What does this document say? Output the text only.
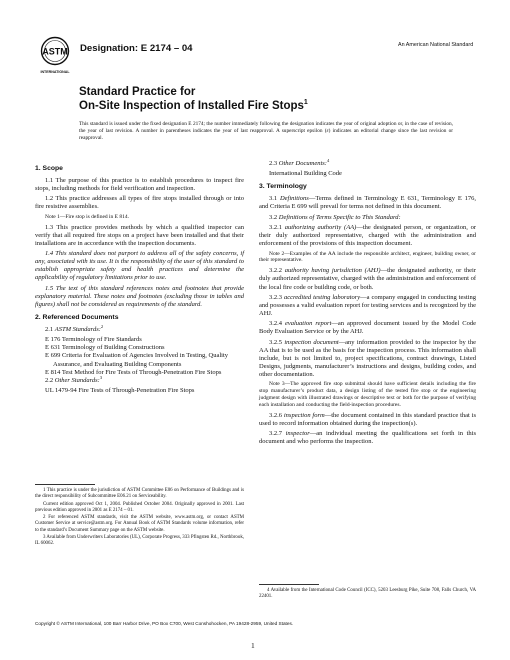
ASTM
INTERNATIONAL
Designation: E 2174 – 04	An American National Standard
Standard Practice for
On-Site Inspection of Installed Fire Stops$^1$
This standard is issued under the fixed designation E 2174; the number immediately following the designation indicates the year of original adoption or, in the case of revision, the year of last revision. A number in parentheses indicates the year of last reapproval. A superscript epsilon (ε) indicates an editorial change since the last revision or reapproval.
1. Scope

1.1 The purpose of this practice is to establish procedures to inspect fire stops, including methods for field verification and inspection.

1.2 This practice addresses all types of fire stops installed through or into fire resistive assemblies.

Note 1—Fire stop is defined in E 814.

1.3 This practice provides methods by which a qualified inspector can verify that all required fire stops on a project have been installed and that their installations are in accordance with the inspection documents.

1.4 This standard does not purport to address all of the safety concerns, if any, associated with its use. It is the responsibility of the user of this standard to establish appropriate safety and health practices and determine the applicability of regulatory limitations prior to use.

1.5 The text of this standard references notes and footnotes that provide explanatory material. These notes and footnotes (excluding those in tables and figures) shall not be considered as requirements of the standard.

2. Referenced Documents

2.1 ASTM Standards:$^2$

E 176 Terminology of Fire Standards

E 631 Terminology of Building Constructions

E 699 Criteria for Evaluation of Agencies Involved in Testing, Quality Assurance, and Evaluating Building Components

E 814 Test Method for Fire Tests of Through-Penetration Fire Stops

2.2 Other Standards:$^3$

UL 1479-94 Fire Tests of Through-Penetration Fire Stops

1 This practice is under the jurisdiction of ASTM Committee E06 on Performance of Buildings and is the direct responsibility of Subcommittee E06.21 on Serviceability.

Current edition approved Oct 1, 2004. Published October 2004. Originally approved in 2001. Last previous edition approved in 2001 as E 2174 – 01.

2 For referenced ASTM standards, visit the ASTM website, www.astm.org, or contact ASTM Customer Service at service@astm.org. For Annual Book of ASTM Standards volume information, refer to the standard’s Document Summary page on the ASTM website.

3 Available from Underwriters Laboratories (UL), Corporate Progress, 333 Pfingsten Rd., Northbrook, IL 60062.

2.3 Other Documents:$^4$

International Building Code

3. Terminology

3.1 Definitions—Terms defined in Terminology E 631, Terminology E 176, and Criteria E 699 will prevail for terms not defined in this document.

3.2 Definitions of Terms Specific to This Standard:

3.2.1 authorizing authority (AA)—the designated person, or organization, or their duly authorized representative, charged with the administration and enforcement of the provisions of this inspection document.

Note 2—Examples of the AA include the responsible architect, engineer, building owner, or their representative.

3.2.2 authority having jurisdiction (AHJ)—the designated authority, or their duly authorized representative, charged with the administration and enforcement of the local fire code or building code, or both.

3.2.3 accredited testing laboratory—a company engaged in conducting testing and possesses a valid evaluation report for testing services and is recognized by the AHJ.

3.2.4 evaluation report—an approved document issued by the Model Code Body Evaluation Service or by the AHJ.

3.2.5 inspection document—any information provided to the inspector by the AA that is to be used as the basis for the inspection process. This information shall include, but is not limited to, project specifications, contract drawings, Listed Designs, judgments, manufacturer’s instructions and designs, building codes, and other documentation.

Note 3—The approved fire stop submittal should have sufficient details including the fire stop manufacturer’s product data, a design listing of the tested fire stop or the engineering judgment design with illustrated drawings or descriptive text or both for the purpose of verifying each installation and conducting the field-inspection procedures.

3.2.6 inspection form—the document contained in this standard practice that is used to record information obtained during the inspection(s).

3.2.7 inspector—an individual meeting the qualifications set forth in this document and who performs the inspection.

4 Available from the International Code Council (ICC), 5203 Leesburg Pike, Suite 708, Falls Church, VA 22401.

Copyright © ASTM International, 100 Barr Harbor Drive, PO Box C700, West Conshohocken, PA 19428-2959, United States.
1
